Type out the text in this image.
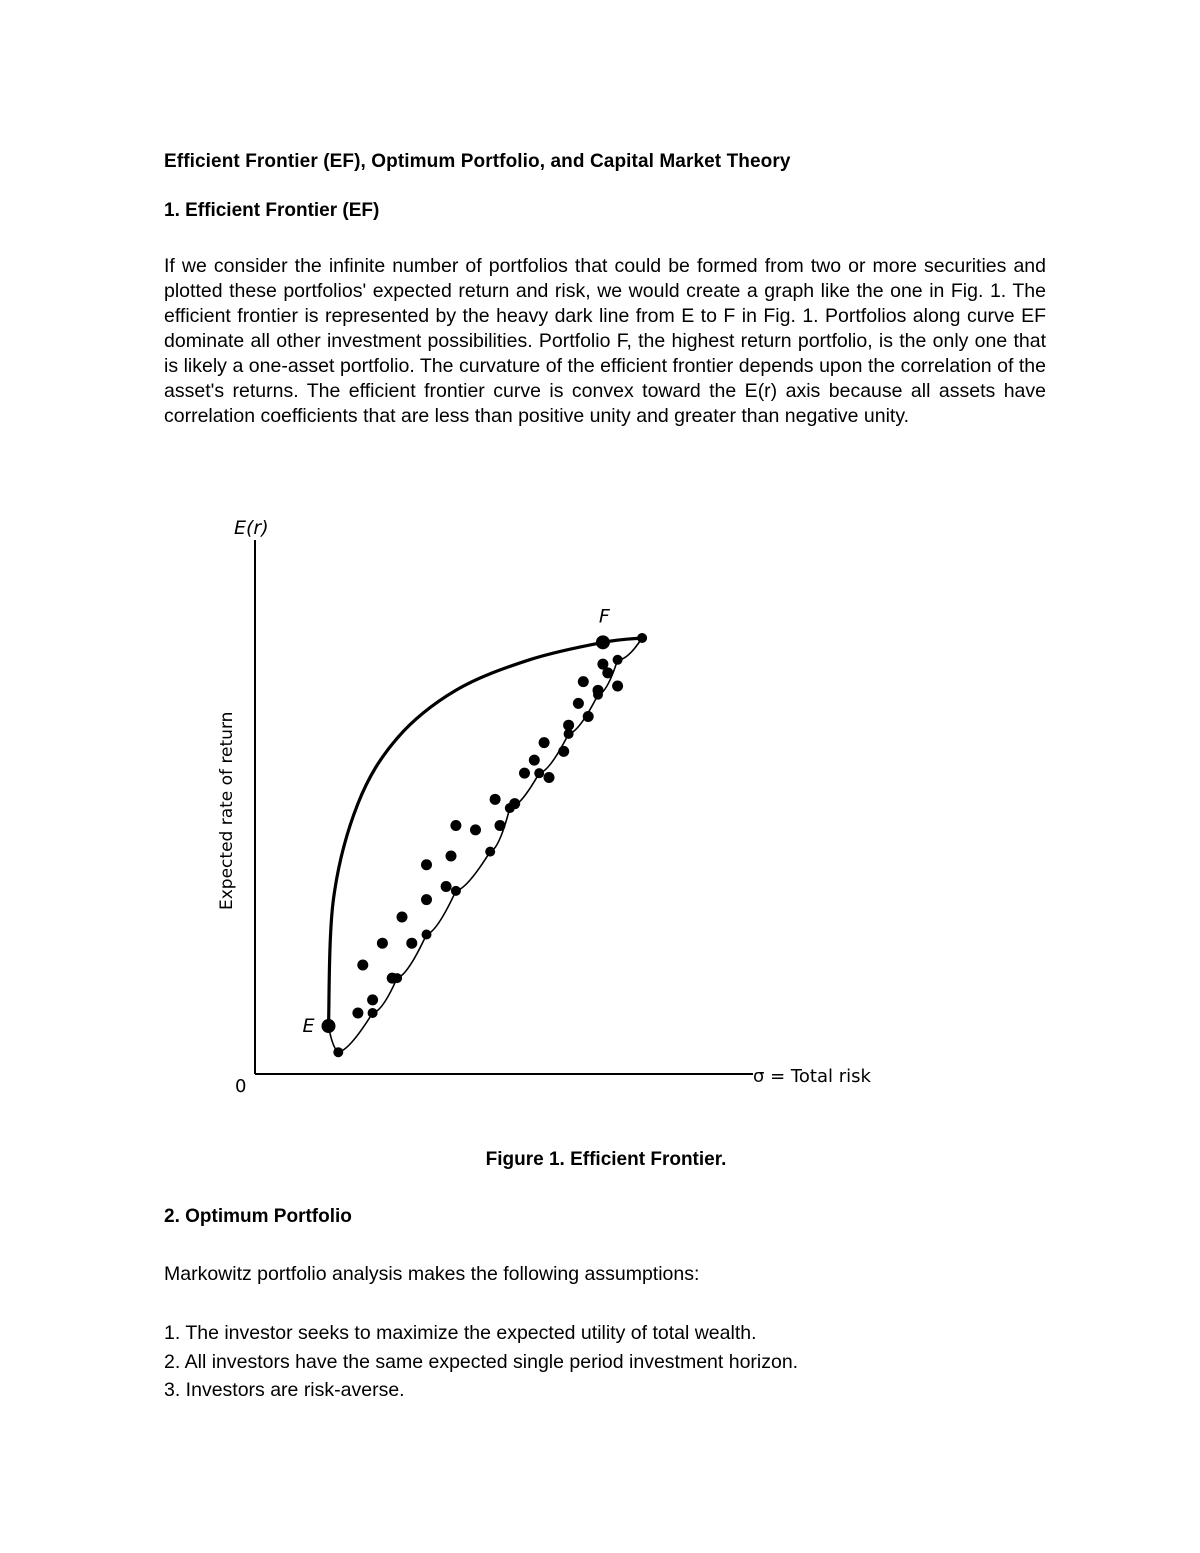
Efficient Frontier (EF), Optimum Portfolio, and Capital Market Theory
1. Efficient Frontier (EF)

If we consider the infinite number of portfolios that could be formed from two or more securities and plotted these portfolios' expected return and risk, we would create a graph like the one in Fig. 1. The efficient frontier is represented by the heavy dark line from E to F in Fig. 1. Portfolios along curve EF dominate all other investment possibilities. Portfolio F, the highest return portfolio, is the only one that is likely a one-asset portfolio. The curvature of the efficient frontier depends upon the correlation of the asset's returns. The efficient frontier curve is convex toward the E(r) axis because all assets have correlation coefficients that are less than positive unity and greater than negative unity.

E(r)
0	σ = Total risk
Expected rate of return
E
F

Figure 1. Efficient Frontier.

2. Optimum Portfolio

Markowitz portfolio analysis makes the following assumptions:

1. The investor seeks to maximize the expected utility of total wealth.
2. All investors have the same expected single period investment horizon.
3. Investors are risk-averse.
